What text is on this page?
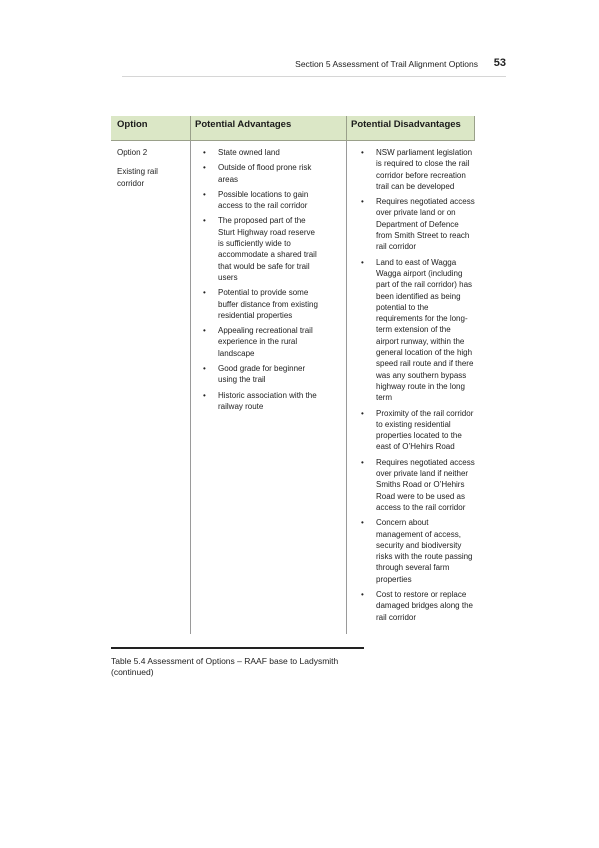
Section 5 Assessment of Trail Alignment Options 53
Option	Potential Advantages	Potential Disadvantages

Option 2

Existing rail corridor

• State owned land
• Outside of flood prone risk areas
• Possible locations to gain access to the rail corridor
• The proposed part of the Sturt Highway road reserve is sufficiently wide to accommodate a shared trail that would be safe for trail users
• Potential to provide some buffer distance from existing residential properties
• Appealing recreational trail experience in the rural landscape
• Good grade for beginner using the trail
• Historic association with the railway route
• NSW parliament legislation is required to close the rail corridor before recreation trail can be developed
• Requires negotiated access over private land or on Department of Defence from Smith Street to reach rail corridor
• Land to east of Wagga Wagga airport (including part of the rail corridor) has been identified as being potential to the requirements for the long-term extension of the airport runway, within the general location of the high speed rail route and if there was any southern bypass highway route in the long term
• Proximity of the rail corridor to existing residential properties located to the east of O’Hehirs Road
• Requires negotiated access over private land if neither Smiths Road or O’Hehirs Road were to be used as access to the rail corridor
• Concern about management of access, security and biodiversity risks with the route passing through several farm properties
• Cost to restore or replace damaged bridges along the rail corridor
Table 5.4 Assessment of Options – RAAF base to Ladysmith (continued)
